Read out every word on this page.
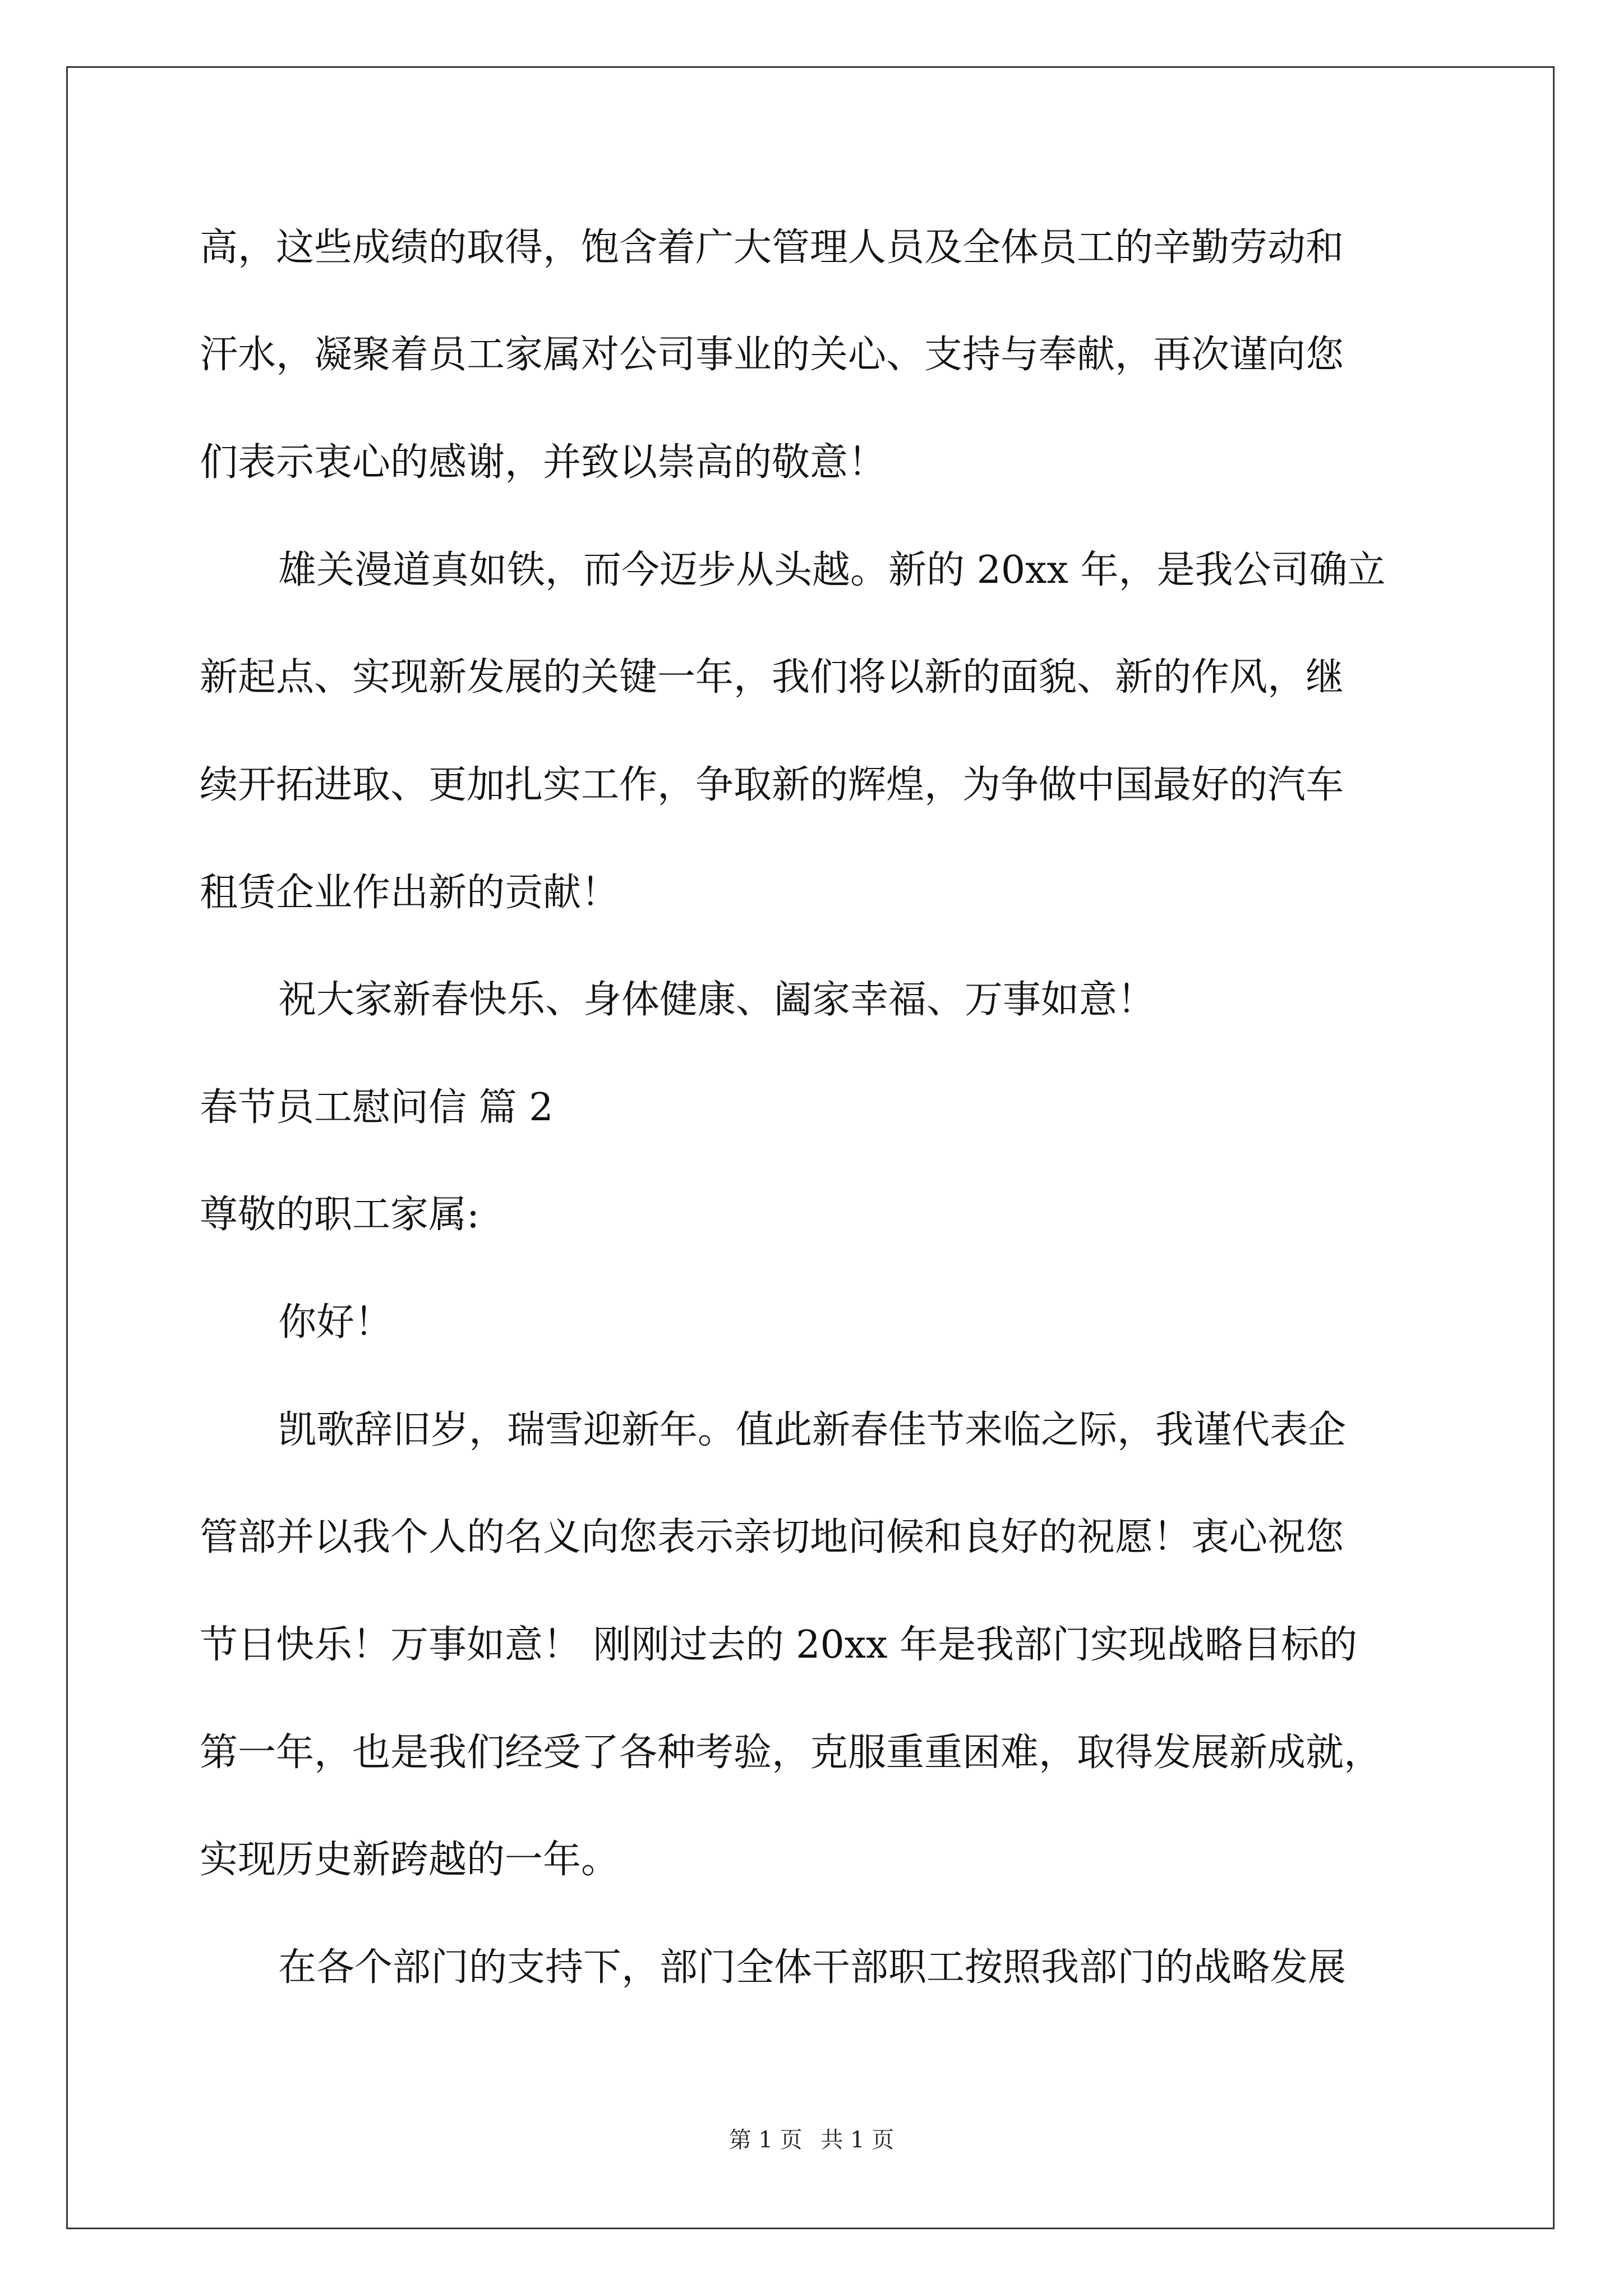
高，这些成绩的取得，饱含着广大管理人员及全体员工的辛勤劳动和
汗水，凝聚着员工家属对公司事业的关心、支持与奉献，再次谨向您
们表示衷心的感谢，并致以崇高的敬意！
雄关漫道真如铁，而今迈步从头越。新的 20xx 年，是我公司确立
新起点、实现新发展的关键一年，我们将以新的面貌、新的作风，继
续开拓进取、更加扎实工作，争取新的辉煌，为争做中国最好的汽车
租赁企业作出新的贡献！
祝大家新春快乐、身体健康、阖家幸福、万事如意！
春节员工慰问信 篇 2
尊敬的职工家属:
你好！
凯歌辞旧岁，瑞雪迎新年。值此新春佳节来临之际，我谨代表企
管部并以我个人的名义向您表示亲切地问候和良好的祝愿！衷心祝您
节日快乐！万事如意！ 刚刚过去的 20xx 年是我部门实现战略目标的
第一年，也是我们经受了各种考验，克服重重困难，取得发展新成就，
实现历史新跨越的一年。
在各个部门的支持下，部门全体干部职工按照我部门的战略发展
第 1 页 共 1 页
